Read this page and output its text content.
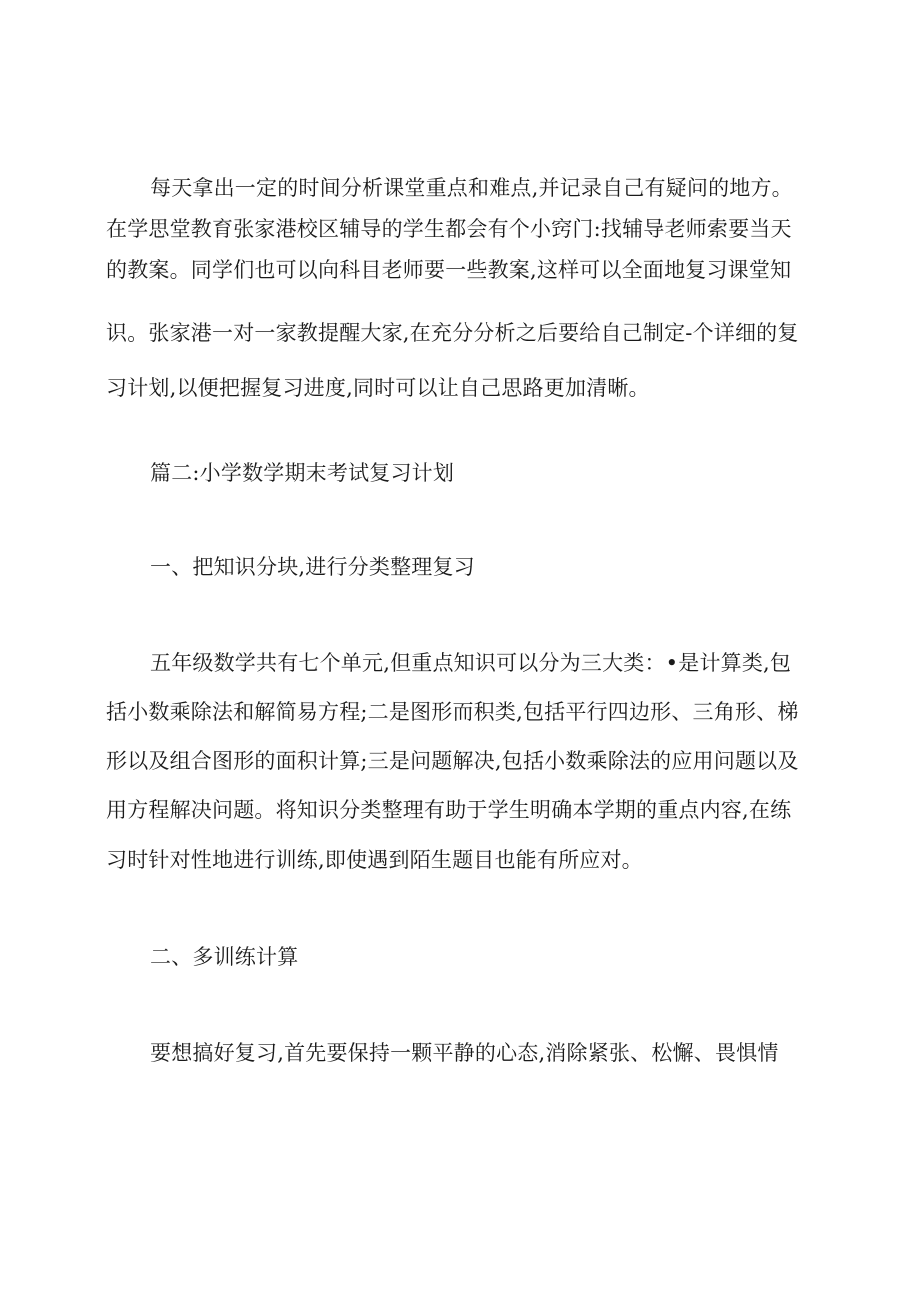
每天拿出一定的时间分析课堂重点和难点,并记录自己有疑问的地方。
在学思堂教育张家港校区辅导的学生都会有个小窍门:找辅导老师索要当天
的教案。同学们也可以向科目老师要一些教案,这样可以全面地复习课堂知
识。张家港一对一家教提醒大家,在充分分析之后要给自己制定-个详细的复
习计划,以便把握复习进度,同时可以让自己思路更加清晰。
篇二:小学数学期末考试复习计划
一、把知识分块,进行分类整理复习
五年级数学共有七个单元,但重点知识可以分为三大类：•是计算类,包
括小数乘除法和解简易方程;二是图形而积类,包括平行四边形、三角形、梯
形以及组合图形的面积计算;三是问题解决,包括小数乘除法的应用问题以及
用方程解决问题。将知识分类整理有助于学生明确本学期的重点内容,在练
习时针对性地进行训练,即使遇到陌生题目也能有所应对。
二、多训练计算
要想搞好复习,首先要保持一颗平静的心态,消除紧张、松懈、畏惧情
